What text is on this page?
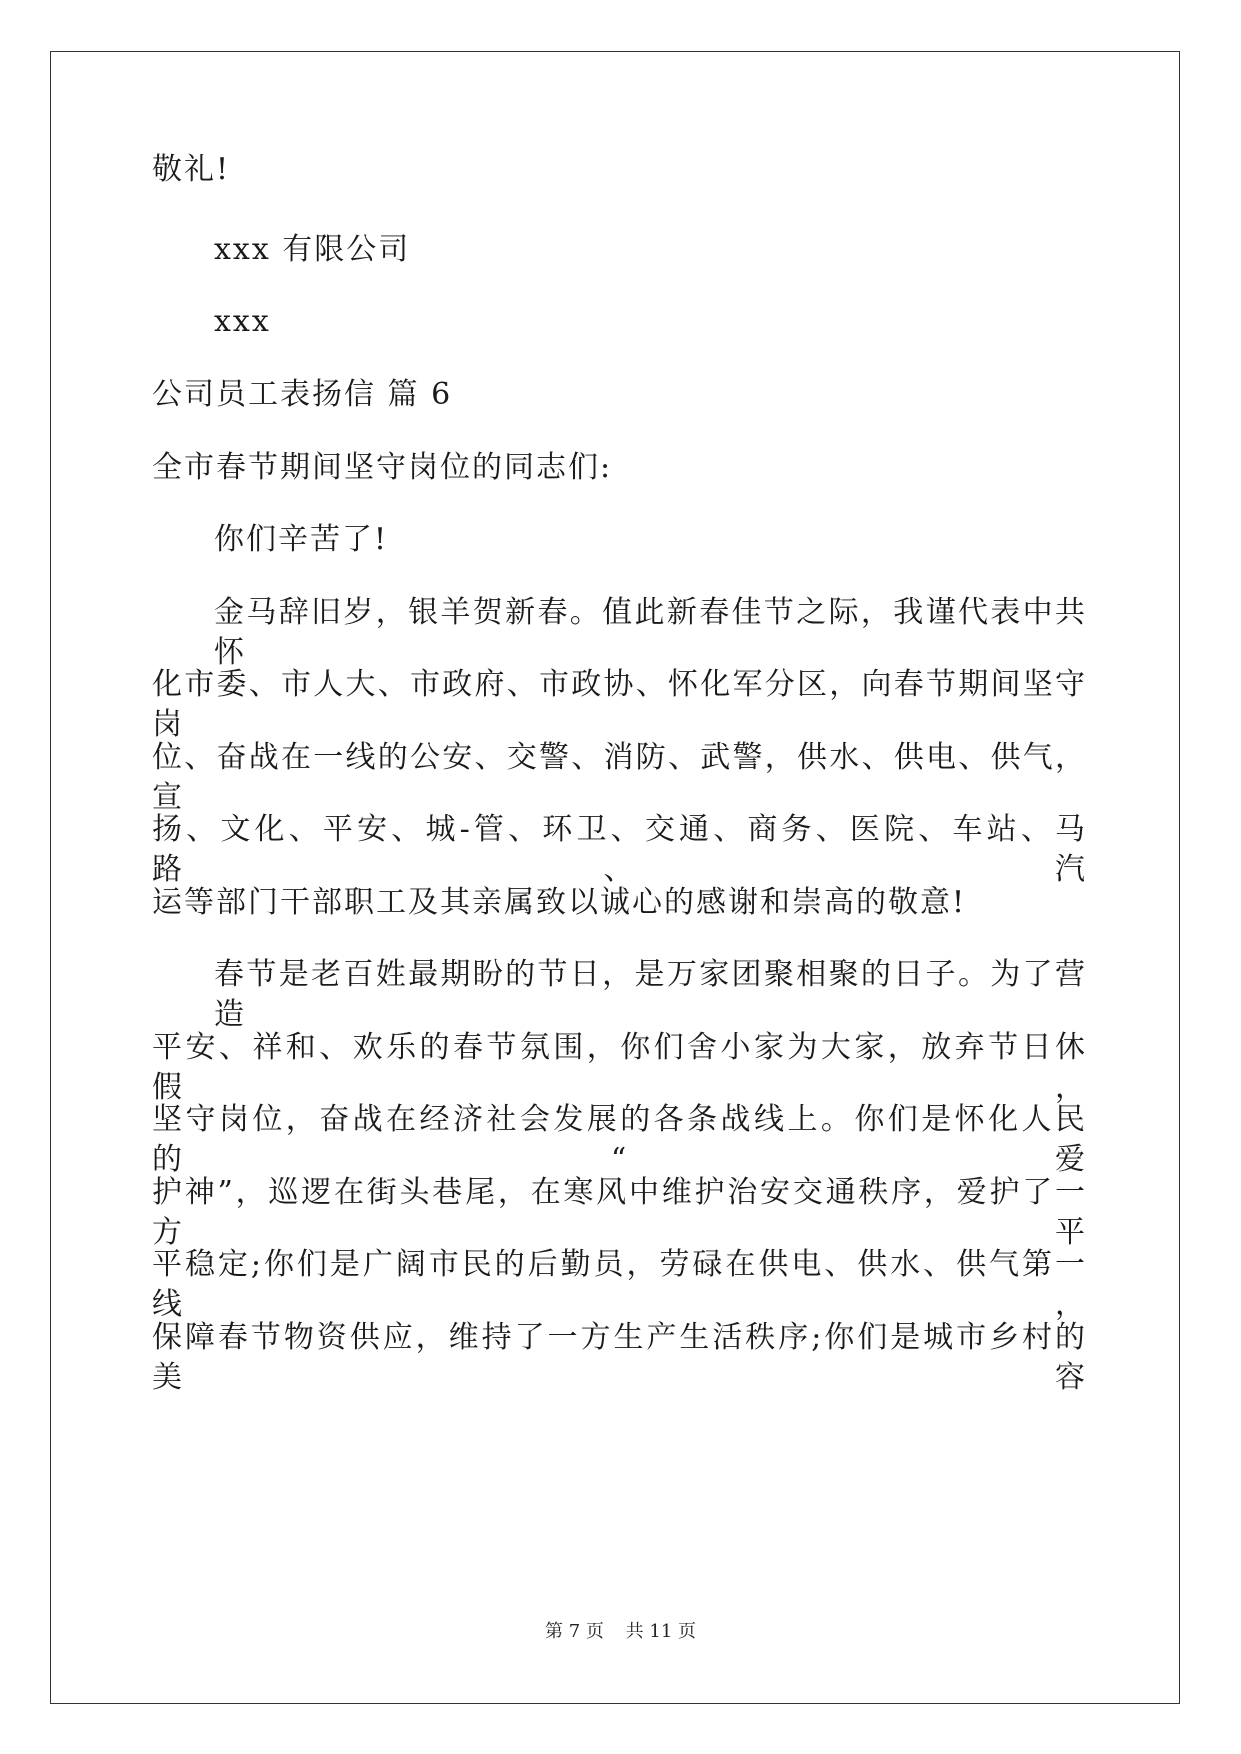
敬礼!
xxx 有限公司
xxx
公司员工表扬信 篇 6
全市春节期间坚守岗位的同志们:
你们辛苦了!
金马辞旧岁，银羊贺新春。值此新春佳节之际，我谨代表中共怀
化市委、市人大、市政府、市政协、怀化军分区，向春节期间坚守岗
位、奋战在一线的公安、交警、消防、武警，供水、供电、供气，宣
扬、文化、平安、城-管、环卫、交通、商务、医院、车站、马路、汽
运等部门干部职工及其亲属致以诚心的感谢和崇高的敬意!
春节是老百姓最期盼的节日，是万家团聚相聚的日子。为了营造
平安、祥和、欢乐的春节氛围，你们舍小家为大家，放弃节日休假，
坚守岗位，奋战在经济社会发展的各条战线上。你们是怀化人民的“爱
护神”，巡逻在街头巷尾，在寒风中维护治安交通秩序，爱护了一方平
平稳定;你们是广阔市民的后勤员，劳碌在供电、供水、供气第一线，
保障春节物资供应，维持了一方生产生活秩序;你们是城市乡村的美容
第 7 页 共 11 页
